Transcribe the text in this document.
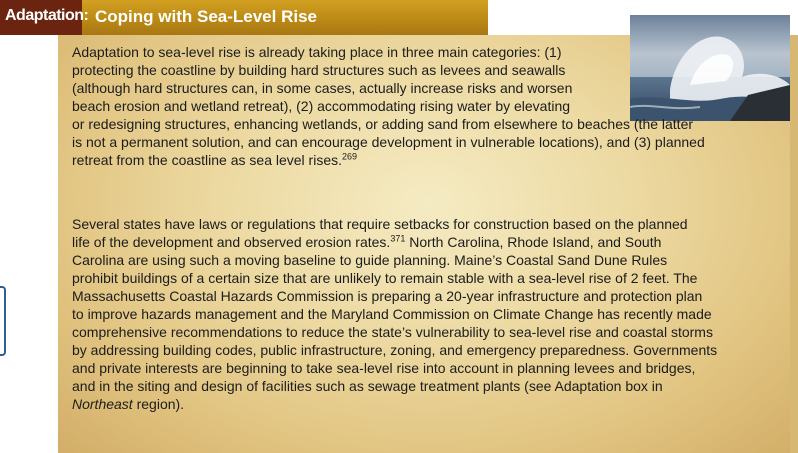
Adaptation: Coping with Sea-Level Rise
Adaptation to sea-level rise is already taking place in three main categories: (1)
protecting the coastline by building hard structures such as levees and seawalls
(although hard structures can, in some cases, actually increase risks and worsen
beach erosion and wetland retreat), (2) accommodating rising water by elevating
or redesigning structures, enhancing wetlands, or adding sand from elsewhere to beaches (the latter
is not a permanent solution, and can encourage development in vulnerable locations), and (3) planned
retreat from the coastline as sea level rises.$^{269}$
Several states have laws or regulations that require setbacks for construction based on the planned
life of the development and observed erosion rates.$^{371}$ North Carolina, Rhode Island, and South
Carolina are using such a moving baseline to guide planning. Maine’s Coastal Sand Dune Rules
prohibit buildings of a certain size that are unlikely to remain stable with a sea-level rise of 2 feet. The
Massachusetts Coastal Hazards Commission is preparing a 20-year infrastructure and protection plan
to improve hazards management and the Maryland Commission on Climate Change has recently made
comprehensive recommendations to reduce the state’s vulnerability to sea-level rise and coastal storms
by addressing building codes, public infrastructure, zoning, and emergency preparedness. Governments
and private interests are beginning to take sea-level rise into account in planning levees and bridges,
and in the siting and design of facilities such as sewage treatment plants (see Adaptation box in
Northeast region).
